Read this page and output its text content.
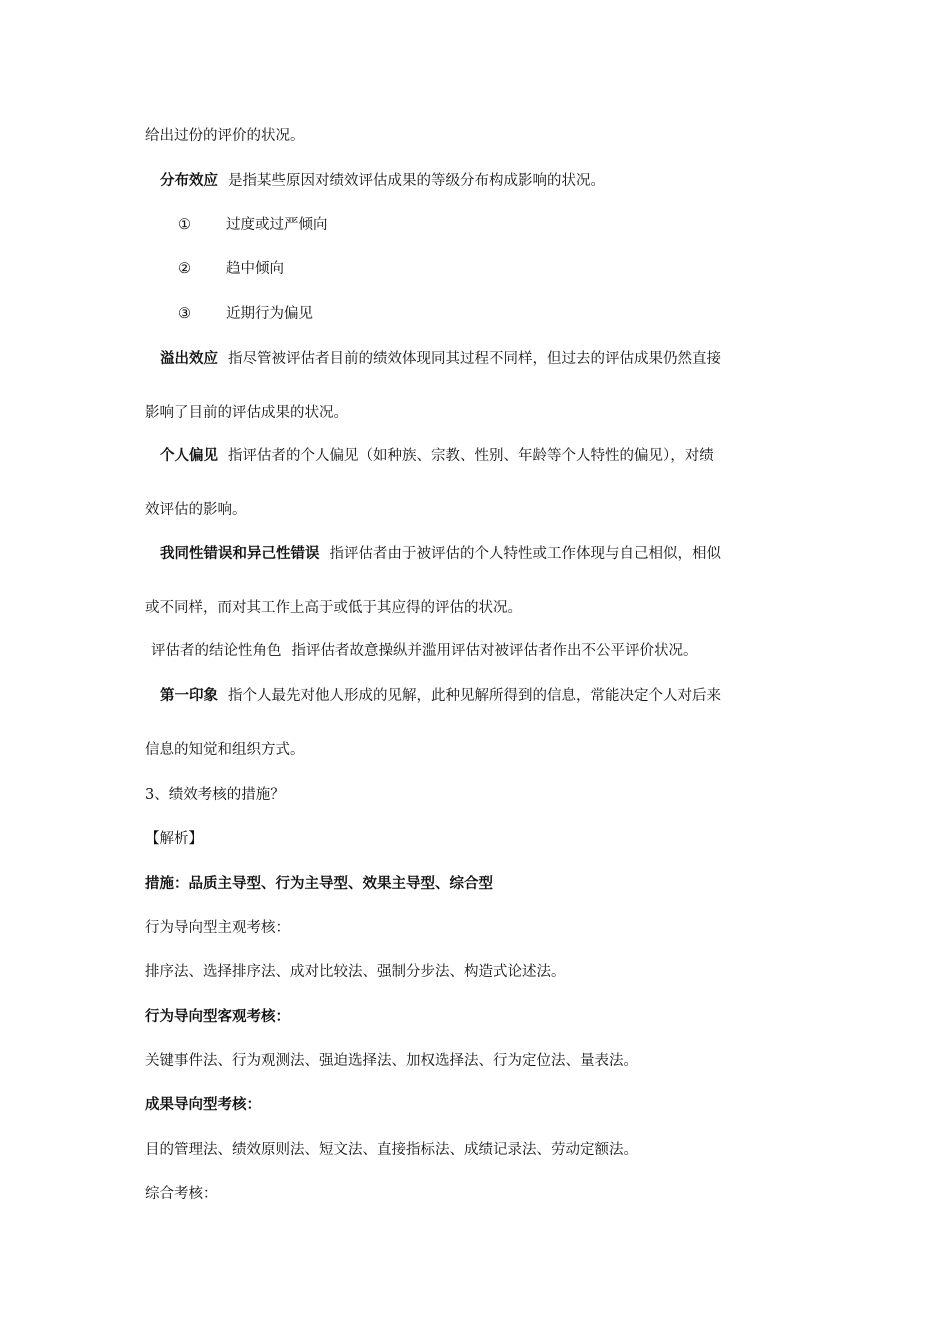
给出过份的评价的状况。
分布效应 是指某些原因对绩效评估成果的等级分布构成影响的状况。
① 过度或过严倾向
② 趋中倾向
③ 近期行为偏见
溢出效应 指尽管被评估者目前的绩效体现同其过程不同样，但过去的评估成果仍然直接
影响了目前的评估成果的状况。
个人偏见 指评估者的个人偏见（如种族、宗教、性别、年龄等个人特性的偏见），对绩
效评估的影响。
我同性错误和异己性错误 指评估者由于被评估的个人特性或工作体现与自己相似，相似
或不同样，而对其工作上高于或低于其应得的评估的状况。
评估者的结论性角色 指评估者故意操纵并滥用评估对被评估者作出不公平评价状况。
第一印象 指个人最先对他人形成的见解，此种见解所得到的信息，常能决定个人对后来
信息的知觉和组织方式。
3、绩效考核的措施？
【解析】
措施：品质主导型、行为主导型、效果主导型、综合型
行为导向型主观考核：
排序法、选择排序法、成对比较法、强制分步法、构造式论述法。
行为导向型客观考核：
关键事件法、行为观测法、强迫选择法、加权选择法、行为定位法、量表法。
成果导向型考核：
目的管理法、绩效原则法、短文法、直接指标法、成绩记录法、劳动定额法。
综合考核：
